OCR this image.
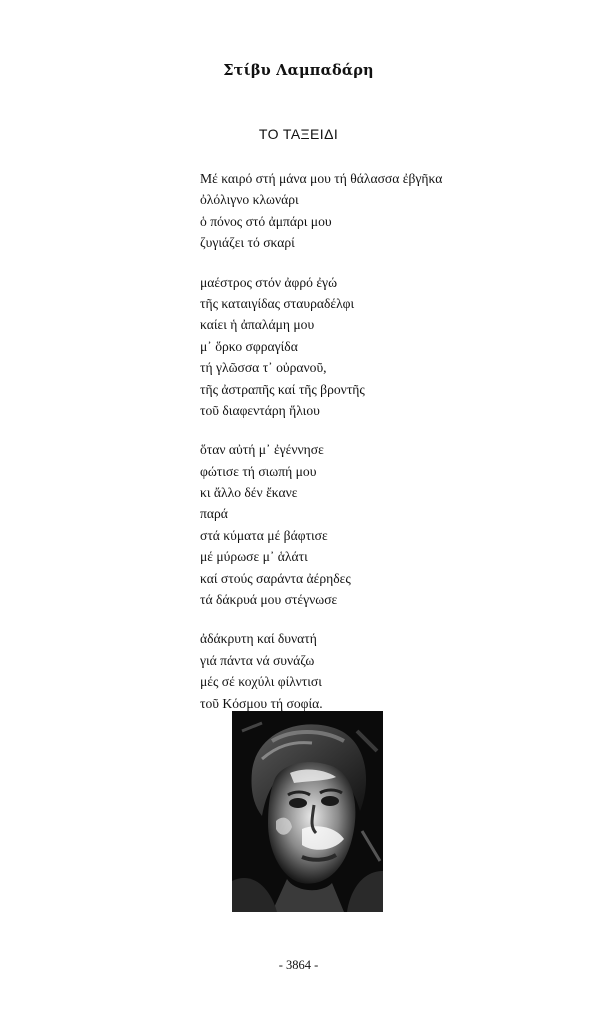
Στίβυ Λαμπαδάρη
ΤΟ ΤΑΞΕΙΔΙ
Μέ καιρό στή μάνα μου τή θάλασσα ἐβγῆκα
ὀλόλιγνο κλωνάρι
ὁ πόνος στό ἀμπάρι μου
ζυγιάζει τό σκαρί
μαέστρος στόν ἀφρό ἐγώ
τῆς καταιγίδας σταυραδέλφι
καίει ἡ ἀπαλάμη μου
μ᾽ ὅρκο σφραγίδα
τή γλῶσσα τ᾽ οὐρανοῦ,
τῆς ἀστραπῆς καί τῆς βροντῆς
τοῦ διαφεντάρη ἥλιου
ὅταν αὐτή μ᾽ ἐγέννησε
φώτισε τή σιωπή μου
κι ἄλλο δέν ἔκανε
παρά
στά κύματα μέ βάφτισε
μέ μύρωσε μ᾽ ἁλάτι
καί στούς σαράντα ἀέρηδες
τά δάκρυά μου στέγνωσε
ἀδάκρυτη καί δυνατή
γιά πάντα νά συνάζω
μές σέ κοχύλι φίλντισι
τοῦ Κόσμου τή σοφία.
- 3864 -
